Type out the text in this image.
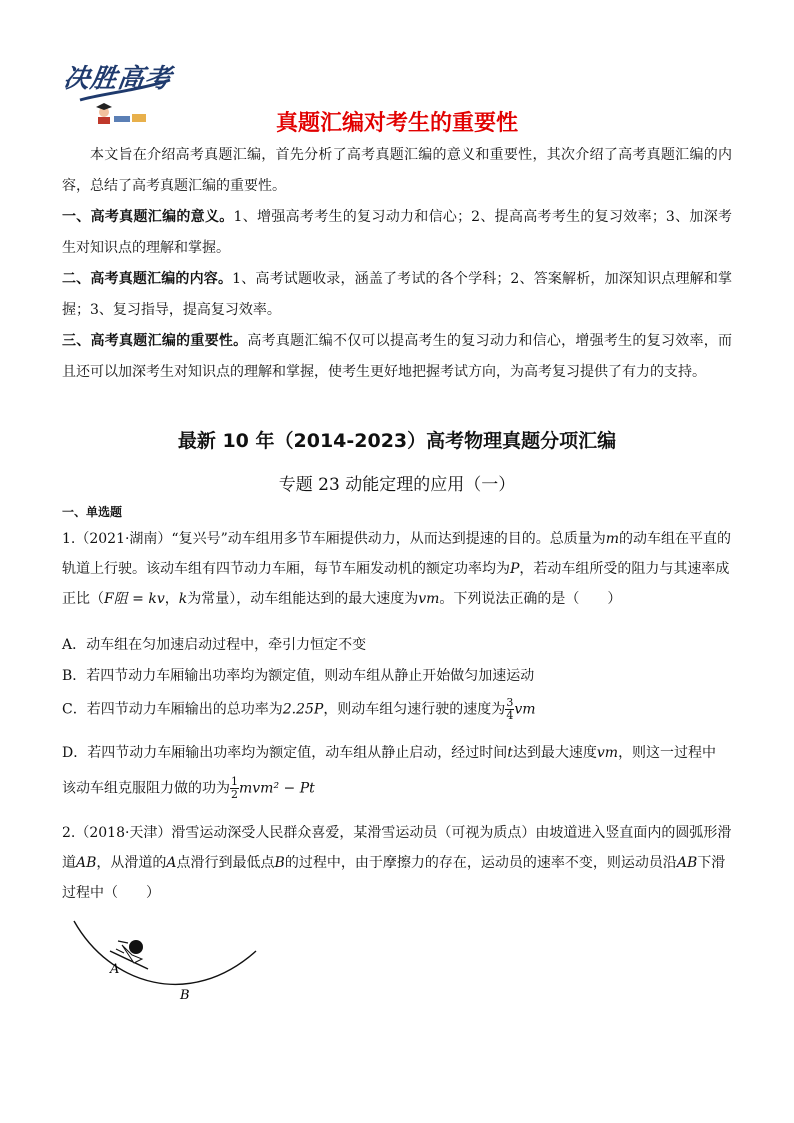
决胜高考
真题汇编对考生的重要性
本文旨在介绍高考真题汇编，首先分析了高考真题汇编的意义和重要性，其次介绍了高考真题汇编的内容，总结了高考真题汇编的重要性。
一、高考真题汇编的意义。1、增强高考考生的复习动力和信心；2、提高高考考生的复习效率；3、加深考生对知识点的理解和掌握。
二、高考真题汇编的内容。1、高考试题收录，涵盖了考试的各个学科；2、答案解析，加深知识点理解和掌握；3、复习指导，提高复习效率。
三、高考真题汇编的重要性。高考真题汇编不仅可以提高考生的复习动力和信心，增强考生的复习效率，而且还可以加深考生对知识点的理解和掌握，使考生更好地把握考试方向，为高考复习提供了有力的支持。
最新 10 年（2014-2023）高考物理真题分项汇编
专题 23 动能定理的应用（一）
一、单选题
1.（2021·湖南）“复兴号”动车组用多节车厢提供动力，从而达到提速的目的。总质量为m的动车组在平直的轨道上行驶。该动车组有四节动力车厢，每节车厢发动机的额定功率均为P，若动车组所受的阻力与其速率成正比（F阻 = kv，k为常量），动车组能达到的最大速度为vm。下列说法正确的是（　　）
A．动车组在匀加速启动过程中，牵引力恒定不变
B．若四节动力车厢输出功率均为额定值，则动车组从静止开始做匀加速运动
C．若四节动力车厢输出的总功率为2.25P，则动车组匀速行驶的速度为 $\frac{3}{4}$ vm
D．若四节动力车厢输出功率均为额定值，动车组从静止启动，经过时间t达到最大速度vm，则这一过程中
该动车组克服阻力做的功为 $\frac{1}{2} mvm^2 - Pt$
2.（2018·天津）滑雪运动深受人民群众喜爱，某滑雪运动员（可视为质点）由坡道进入竖直面内的圆弧形滑道AB，从滑道的A点滑行到最低点B的过程中，由于摩擦力的存在，运动员的速率不变，则运动员沿AB下滑过程中（　　）
A
B
